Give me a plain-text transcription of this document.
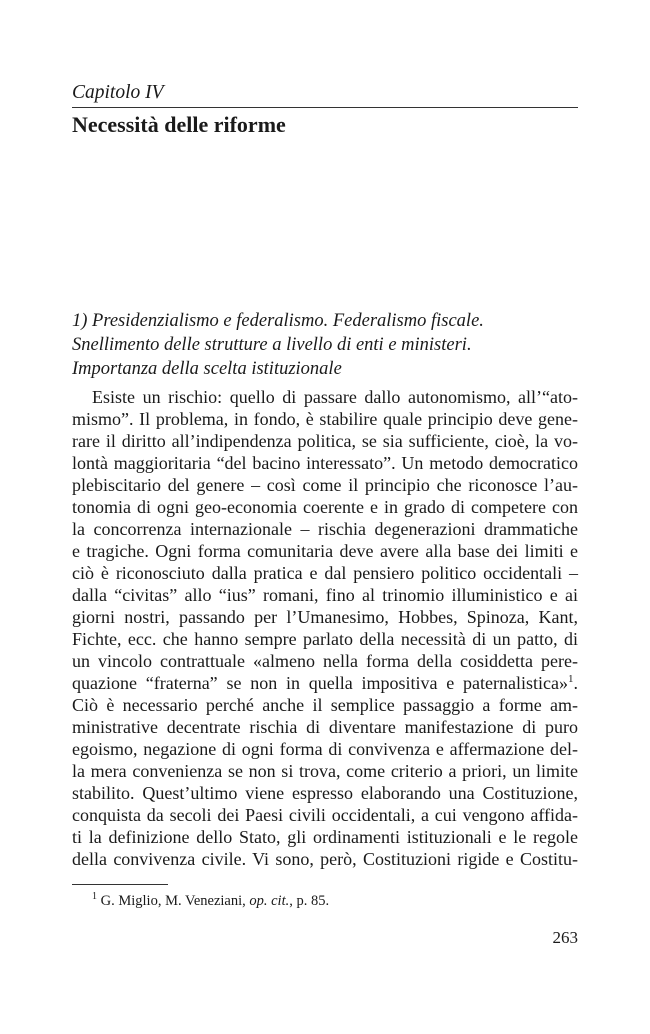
Capitolo IV
Necessità delle riforme
1) Presidenzialismo e federalismo. Federalismo fiscale.
Snellimento delle strutture a livello di enti e ministeri.
Importanza della scelta istituzionale
Esiste un rischio: quello di passare dallo autonomismo, all’“ato-
mismo”. Il problema, in fondo, è stabilire quale principio deve gene-
rare il diritto all’indipendenza politica, se sia sufficiente, cioè, la vo-
lontà maggioritaria “del bacino interessato”. Un metodo democratico
plebiscitario del genere – così come il principio che riconosce l’au-
tonomia di ogni geo-economia coerente e in grado di competere con
la concorrenza internazionale – rischia degenerazioni drammatiche
e tragiche. Ogni forma comunitaria deve avere alla base dei limiti e
ciò è riconosciuto dalla pratica e dal pensiero politico occidentali –
dalla “civitas” allo “ius” romani, fino al trinomio illuministico e ai
giorni nostri, passando per l’Umanesimo, Hobbes, Spinoza, Kant,
Fichte, ecc. che hanno sempre parlato della necessità di un patto, di
un vincolo contrattuale «almeno nella forma della cosiddetta pere-
quazione “fraterna” se non in quella impositiva e paternalistica»$^1$.
Ciò è necessario perché anche il semplice passaggio a forme am-
ministrative decentrate rischia di diventare manifestazione di puro
egoismo, negazione di ogni forma di convivenza e affermazione del-
la mera convenienza se non si trova, come criterio a priori, un limite
stabilito. Quest’ultimo viene espresso elaborando una Costituzione,
conquista da secoli dei Paesi civili occidentali, a cui vengono affida-
ti la definizione dello Stato, gli ordinamenti istituzionali e le regole
della convivenza civile. Vi sono, però, Costituzioni rigide e Costitu-
$^1$ G. Miglio, M. Veneziani, op. cit., p. 85.
263
